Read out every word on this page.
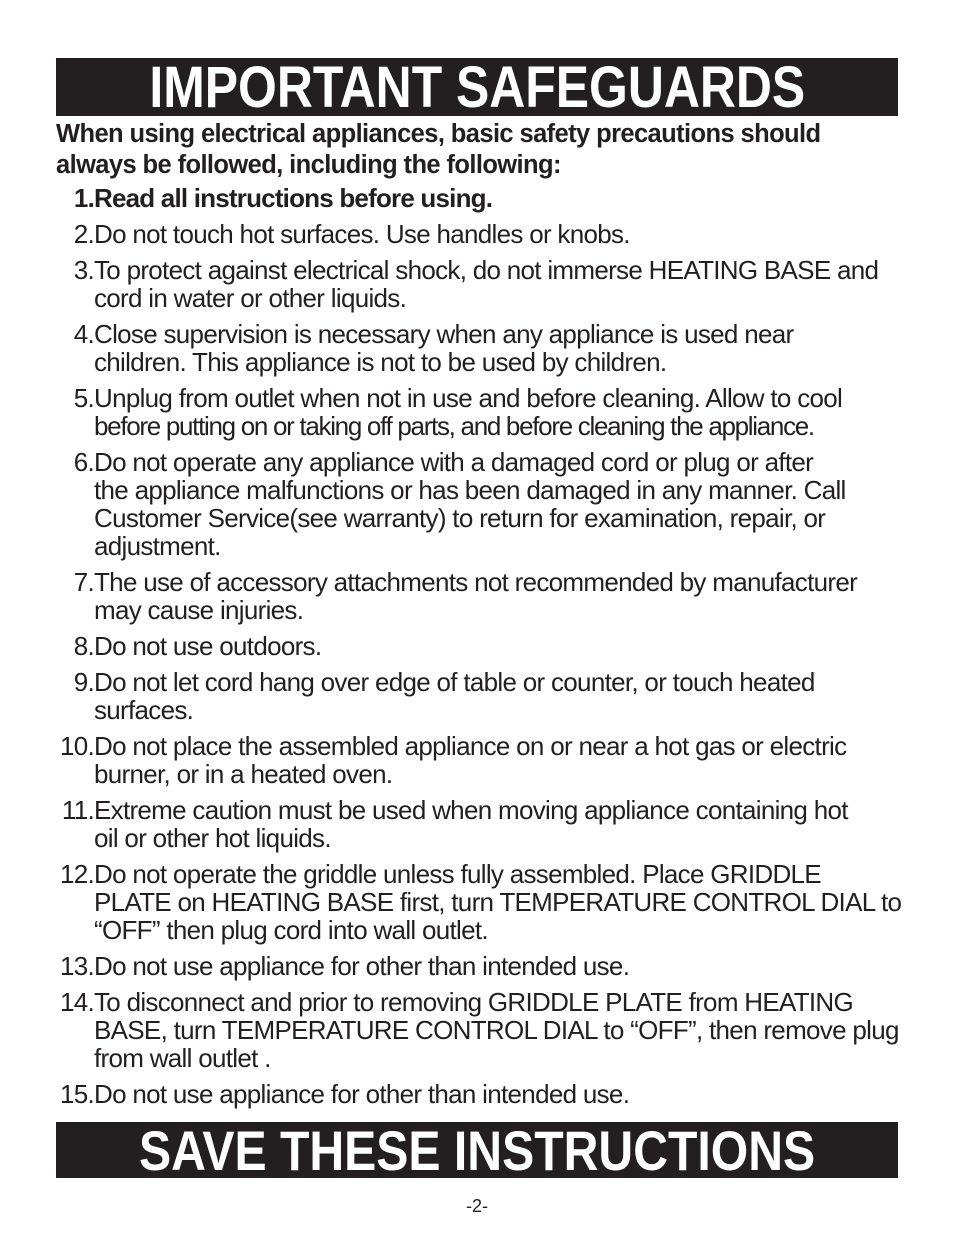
IMPORTANT SAFEGUARDS
When using electrical appliances, basic safety precautions should
always be followed, including the following:
1. Read all instructions before using.
2. Do not touch hot surfaces. Use handles or knobs.
3. To protect against electrical shock, do not immerse HEATING BASE and
cord in water or other liquids.
4. Close supervision is necessary when any appliance is used near
children. This appliance is not to be used by children.
5. Unplug from outlet when not in use and before cleaning. Allow to cool
before putting on or taking off parts, and before cleaning the appliance.
6. Do not operate any appliance with a damaged cord or plug or after
the appliance malfunctions or has been damaged in any manner. Call
Customer Service(see warranty) to return for examination, repair, or
adjustment.
7. The use of accessory attachments not recommended by manufacturer
may cause injuries.
8. Do not use outdoors.
9. Do not let cord hang over edge of table or counter, or touch heated
surfaces.
10. Do not place the assembled appliance on or near a hot gas or electric
burner, or in a heated oven.
11. Extreme caution must be used when moving appliance containing hot
oil or other hot liquids.
12. Do not operate the griddle unless fully assembled. Place GRIDDLE
PLATE on HEATING BASE first, turn TEMPERATURE CONTROL DIAL to
“OFF” then plug cord into wall outlet.
13. Do not use appliance for other than intended use.
14. To disconnect and prior to removing GRIDDLE PLATE from HEATING
BASE, turn TEMPERATURE CONTROL DIAL to “OFF”, then remove plug
from wall outlet .
15. Do not use appliance for other than intended use.
SAVE THESE INSTRUCTIONS
-2-
